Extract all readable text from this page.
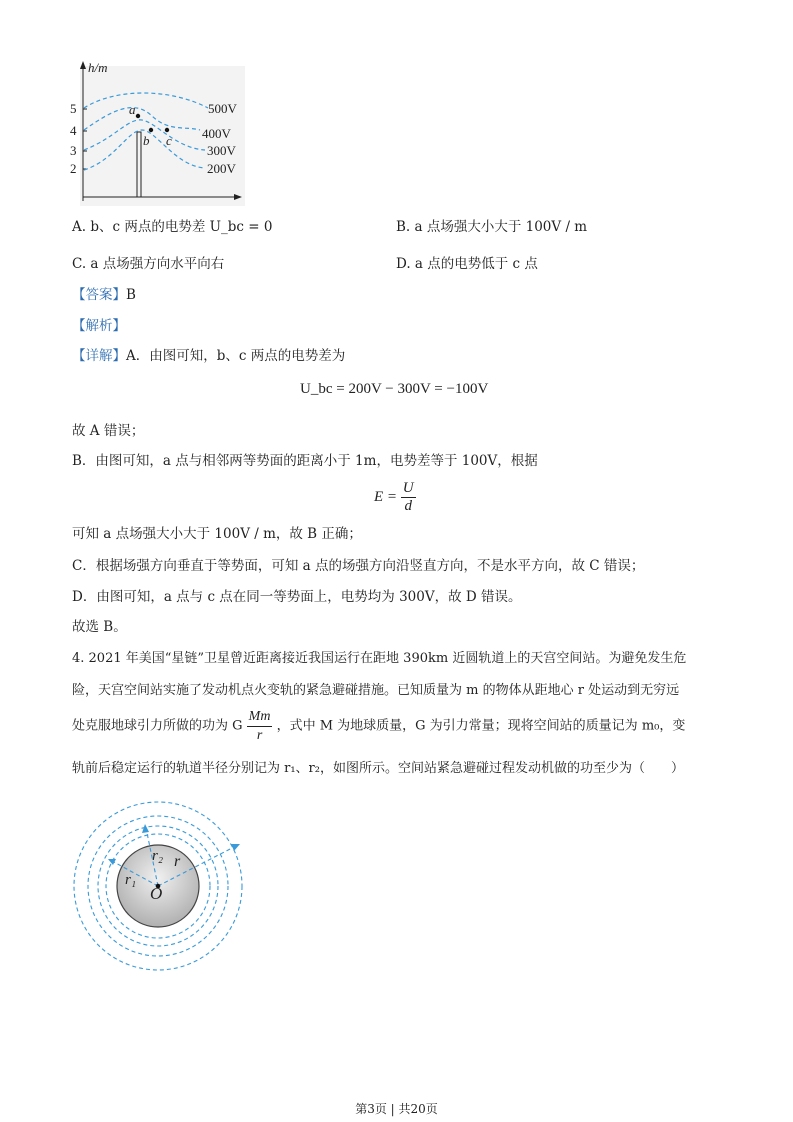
h/m
5
4
3
2
500V
400V
300V
200V
a
b c
A. b、c 两点的电势差 U_bc = 0	B. a 点场强大小大于 100V / m
C. a 点场强方向水平向右	D. a 点的电势低于 c 点
【答案】B
【解析】
【详解】A．由图可知，b、c 两点的电势差为
U_bc = 200V − 300V = −100V
故 A 错误；
B．由图可知，a 点与相邻两等势面的距离小于 1m，电势差等于 100V，根据
$E = \frac{U}{d}$
可知 a 点场强大小大于 100V / m，故 B 正确；
C．根据场强方向垂直于等势面，可知 a 点的场强方向沿竖直方向，不是水平方向，故 C 错误；
D．由图可知，a 点与 c 点在同一等势面上，电势均为 300V，故 D 错误。
故选 B。
4. 2021 年美国“星链”卫星曾近距离接近我国运行在距地 390km 近圆轨道上的天宫空间站。为避免发生危
险，天宫空间站实施了发动机点火变轨的紧急避碰措施。已知质量为 m 的物体从距地心 r 处运动到无穷远
处克服地球引力所做的功为 G $\frac{Mm}{r}$ ，式中 M 为地球质量，G 为引力常量；现将空间站的质量记为 m₀，变
轨前后稳定运行的轨道半径分别记为 r₁、r₂，如图所示。空间站紧急避碰过程发动机做的功至少为（　　）
r₂ r
r₁
O
第3页 | 共20页
